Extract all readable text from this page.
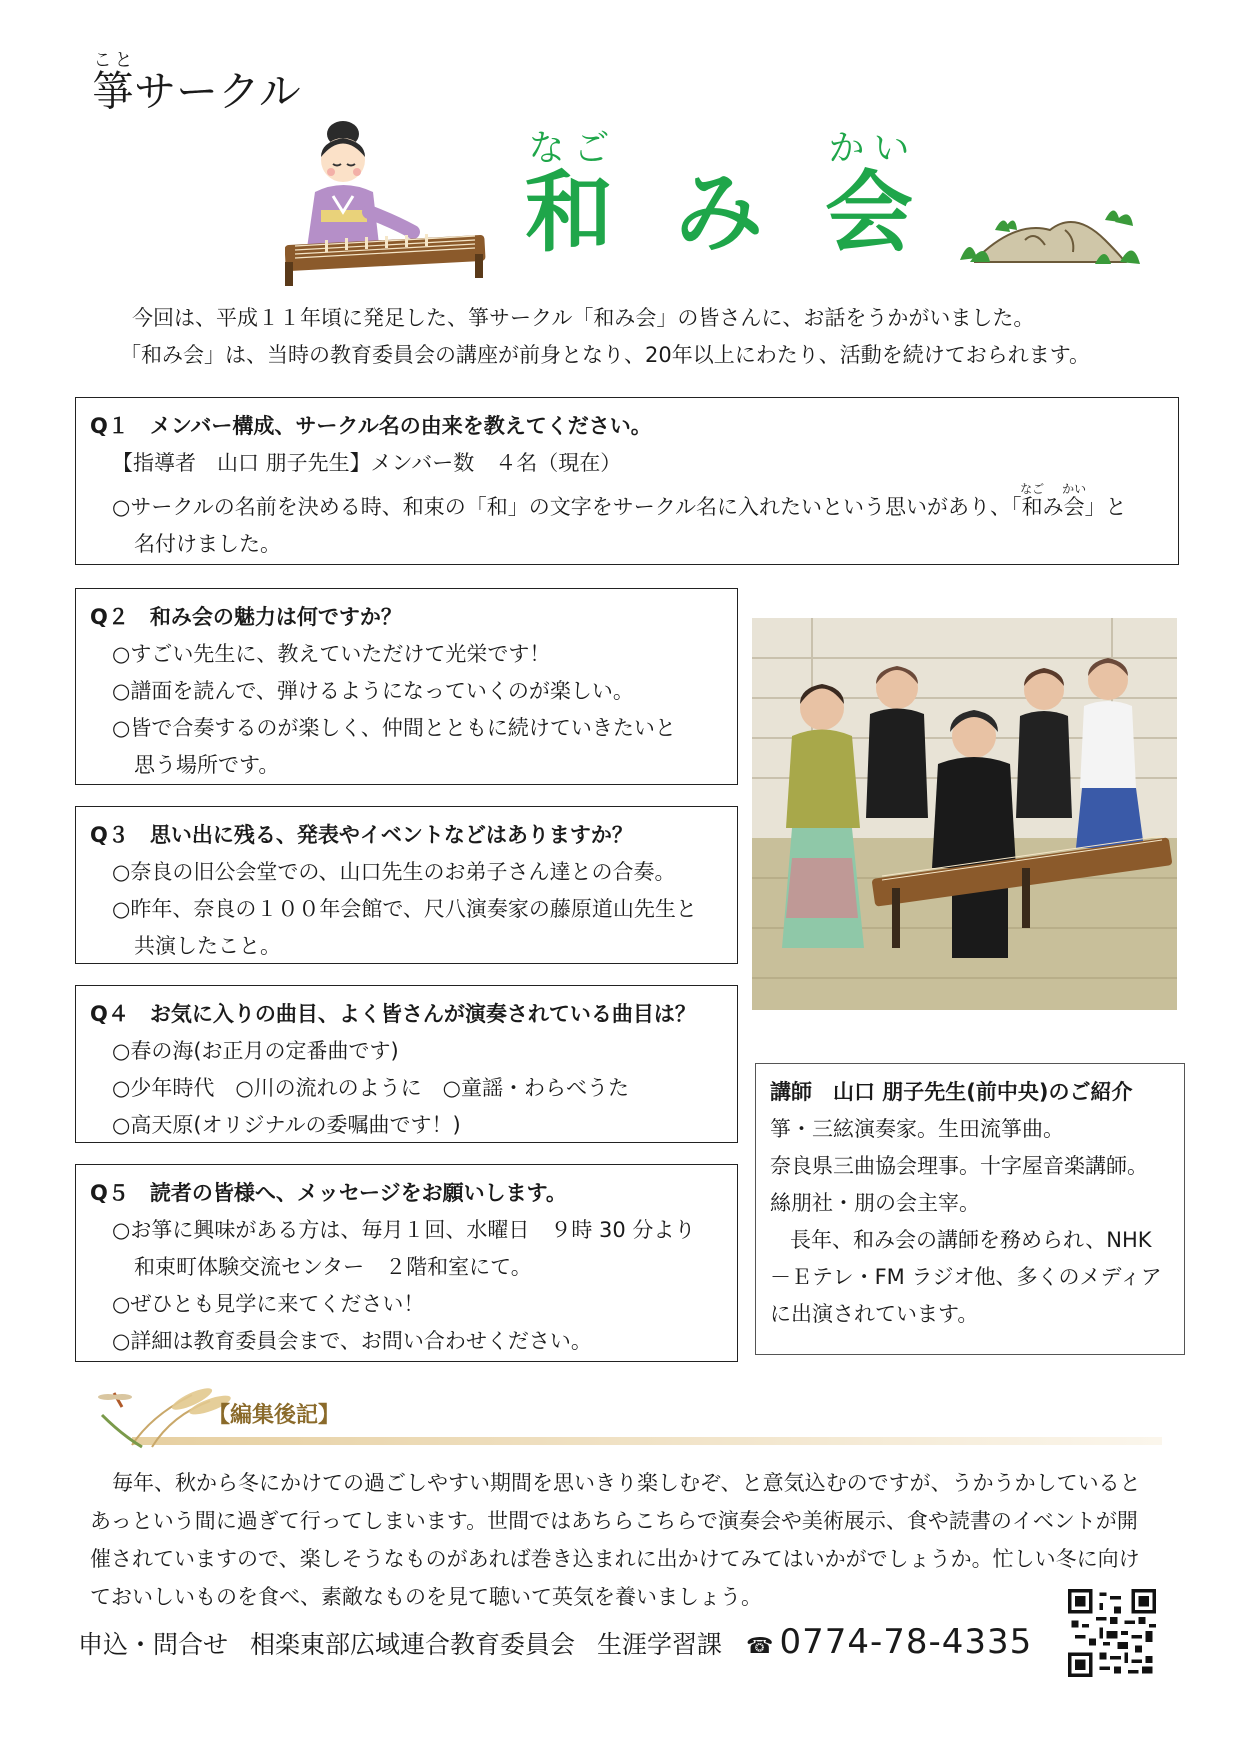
箏ことサークル
和なごみ 会かい

今回は、平成１１年頃に発足した、箏サークル「和み会」の皆さんに、お話をうかがいました。

「和み会」は、当時の教育委員会の講座が前身となり、20年以上にわたり、活動を続けておられます。

Q１　メンバー構成、サークル名の由来を教えてください。
【指導者　山口 朋子先生】メンバー数　４名（現在）
○サークルの名前を決める時、和束の「和」の文字をサークル名に入れたいという思いがあり、「和なごみ会かい」と
名付けました。
Q２　和み会の魅力は何ですか？
○すごい先生に、教えていただけて光栄です！
○譜面を読んで、弾けるようになっていくのが楽しい。
○皆で合奏するのが楽しく、仲間とともに続けていきたいと
思う場所です。
Q３　思い出に残る、発表やイベントなどはありますか？
○奈良の旧公会堂での、山口先生のお弟子さん達との合奏。
○昨年、奈良の１００年会館で、尺八演奏家の藤原道山先生と
共演したこと。
Q４　お気に入りの曲目、よく皆さんが演奏されている曲目は？
○春の海(お正月の定番曲です)
○少年時代　○川の流れのように　○童謡・わらべうた
○高天原(オリジナルの委嘱曲です！)
Q５　読者の皆様へ、メッセージをお願いします。
○お箏に興味がある方は、毎月１回、水曜日　９時 30 分より
和束町体験交流センター　２階和室にて。
○ぜひとも見学に来てください！
○詳細は教育委員会まで、お問い合わせください。
講師　山口 朋子先生(前中央)のご紹介
箏・三絃演奏家。生田流箏曲。
奈良県三曲協会理事。十字屋音楽講師。
絲朋社・朋の会主宰。
長年、和み会の講師を務められ、NHK
－Ｅテレ・FM ラジオ他、多くのメディア
に出演されています。
【編集後記】

毎年、秋から冬にかけての過ごしやすい期間を思いきり楽しむぞ、と意気込むのですが、うかうかしているとあっという間に過ぎて行ってしまいます。世間ではあちらこちらで演奏会や美術展示、食や読書のイベントが開催されていますので、楽しそうなものがあれば巻き込まれに出かけてみてはいかがでしょうか。忙しい冬に向けておいしいものを食べ、素敵なものを見て聴いて英気を養いましょう。

申込・問合せ 相楽東部広域連合教育委員会 生涯学習課 ☎ 0774-78-4335
